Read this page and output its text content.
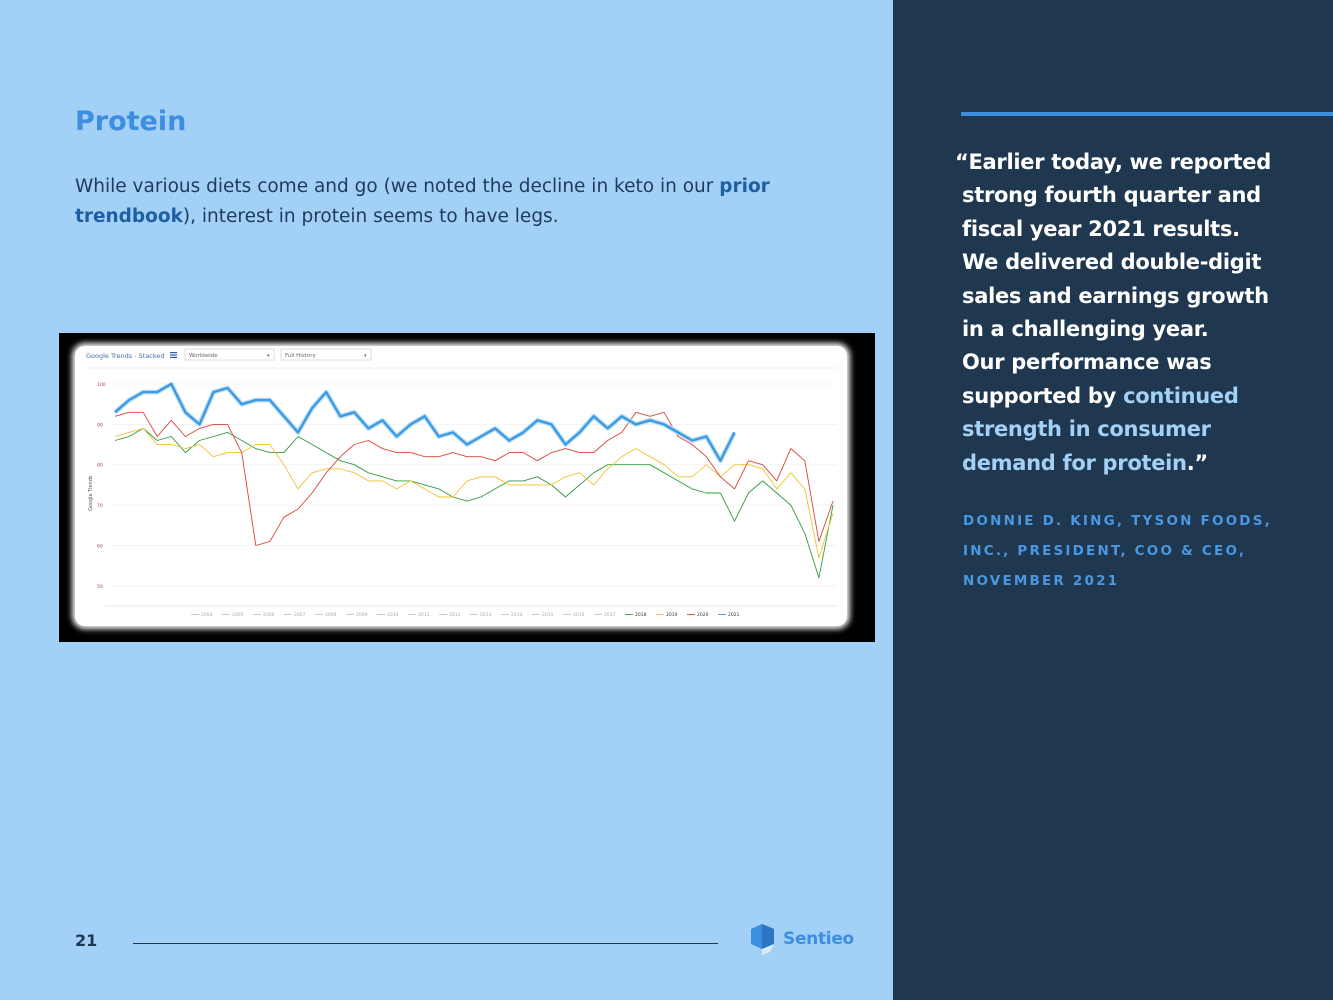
Protein

While various diets come and go (we noted the decline in keto in our prior trendbook), interest in protein seems to have legs.

Google Trends - Stacked	Worldwide	▾	Full History	▾
Google Trends
100
90
80
70
60
50
2004	2005	2006	2007	2008	2009	2010	2011	2012	2013	2014	2015	2016	2017	2018	2019	2020	2021
21	Sentieo

“Earlier today, we reported
strong fourth quarter and
fiscal year 2021 results.
We delivered double-digit
sales and earnings growth
in a challenging year.
Our performance was
supported by continued
strength in consumer
demand for protein.”

DONNIE D. KING, TYSON FOODS,
INC., PRESIDENT, COO & CEO,
NOVEMBER 2021
